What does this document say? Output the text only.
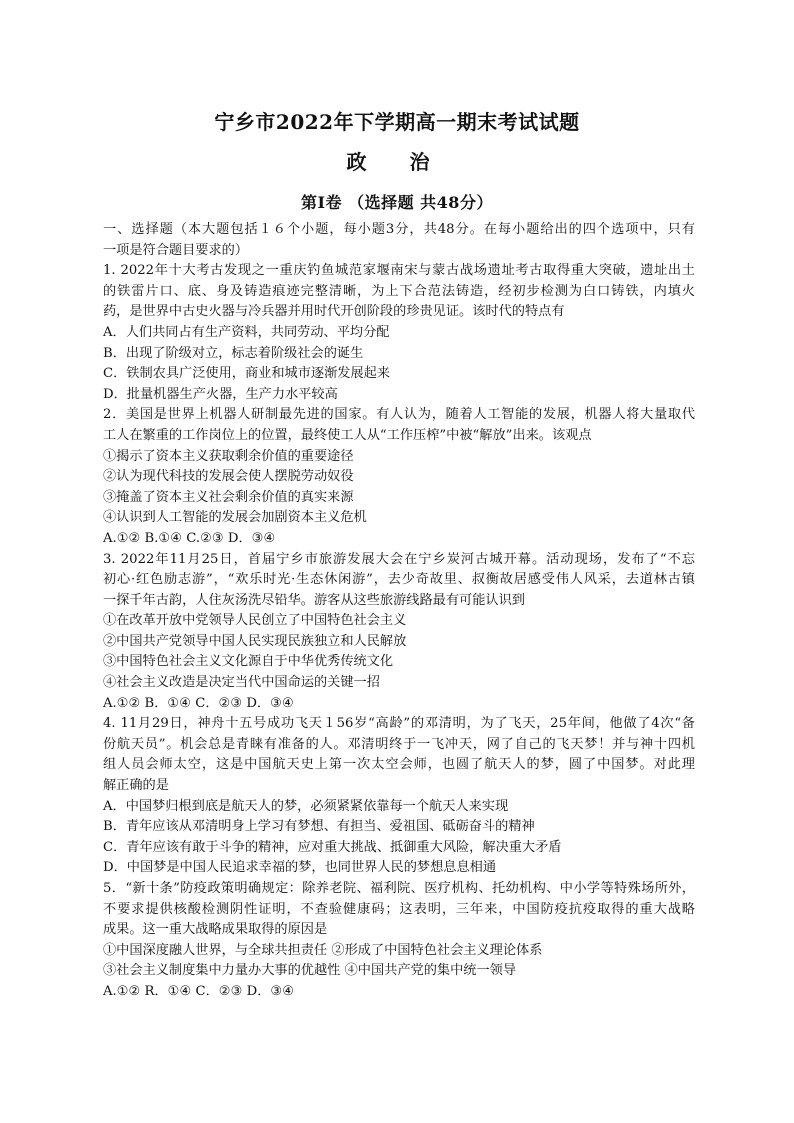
宁乡市2022年下学期高一期末考试试题
政 治
第Ⅰ卷 （选择题 共48分）
一、选择题（本大题包括１６个小题，每小题3分，共48分。在每小题给出的四个选项中，只有
一项是符合题目要求的）
1. 2022年十大考古发现之一重庆钓鱼城范家堰南宋与蒙古战场遗址考古取得重大突破，遗址出土
的铁雷片口、底、身及铸造痕迹完整清晰，为上下合范法铸造，经初步检测为白口铸铁，内填火
药，是世界中古史火器与冷兵器并用时代开创阶段的珍贵见证。该时代的特点有
A．人们共同占有生产资料，共同劳动、平均分配
B．出现了阶级对立，标志着阶级社会的诞生
C．铁制农具广泛使用，商业和城市逐渐发展起来
D．批量机器生产火器，生产力水平较高
2．美国是世界上机器人研制最先进的国家。有人认为，随着人工智能的发展，机器人将大量取代
工人在繁重的工作岗位上的位置，最终使工人从“工作压榨”中被“解放”出来。该观点
①揭示了资本主义获取剩余价值的重要途径
②认为现代科技的发展会使人摆脱劳动奴役
③掩盖了资本主义社会剩余价值的真实来源
④认识到人工智能的发展会加剧资本主义危机
A.①② B.①④ C.②③ D．③④
3. 2022年11月25日，首届宁乡市旅游发展大会在宁乡炭河古城开幕。活动现场，发布了“不忘
初心·红色励志游”，“欢乐时光·生态休闲游”，去少奇故里、叔衡故居感受伟人风采，去道林古镇
一探千年古韵，人住灰汤洗尽铅华。游客从这些旅游线路最有可能认识到
①在改革开放中党领导人民创立了中国特色社会主义
②中国共产党领导中国人民实现民族独立和人民解放
③中国特色社会主义文化源自于中华优秀传统文化
④社会主义改造是决定当代中国命运的关键一招
A.①② B．①④ C．②③ D．③④
4. 11月29日，神舟十五号成功飞天１56岁“高龄”的邓清明，为了飞天，25年间，他做了4次“备
份航天员”。机会总是青睐有准备的人。邓清明终于一飞冲天，网了自己的飞天梦！并与神十四机
组人员会师太空，这是中国航天史上第一次太空会师，也圆了航天人的梦，圆了中国梦。对此理
解正确的是
A．中国梦归根到底是航天人的梦，必须紧紧依靠每一个航天人来实现
B．青年应该从邓清明身上学习有梦想、有担当、爱祖国、砥砺奋斗的精神
C．青年应该有敢于斗争的精神，应对重大挑战、抵御重大风险，解决重大矛盾
D．中国梦是中国人民追求幸福的梦，也同世界人民的梦想息息相通
5．“新十条”防疫政策明确规定：除养老院、福利院、医疗机构、托幼机构、中小学等特殊场所外，
不要求提供核酸检测阴性证明，不查验健康码；这表明，三年来，中国防疫抗疫取得的重大战略
成果。这一重大战略成果取得的原因是
①中国深度融人世界，与全球共担责任 ②形成了中国特色社会主义理论体系
③社会主义制度集中力量办大事的优越性 ④中国共产党的集中统一领导
A.①② R．①④ C．②③ D．③④
